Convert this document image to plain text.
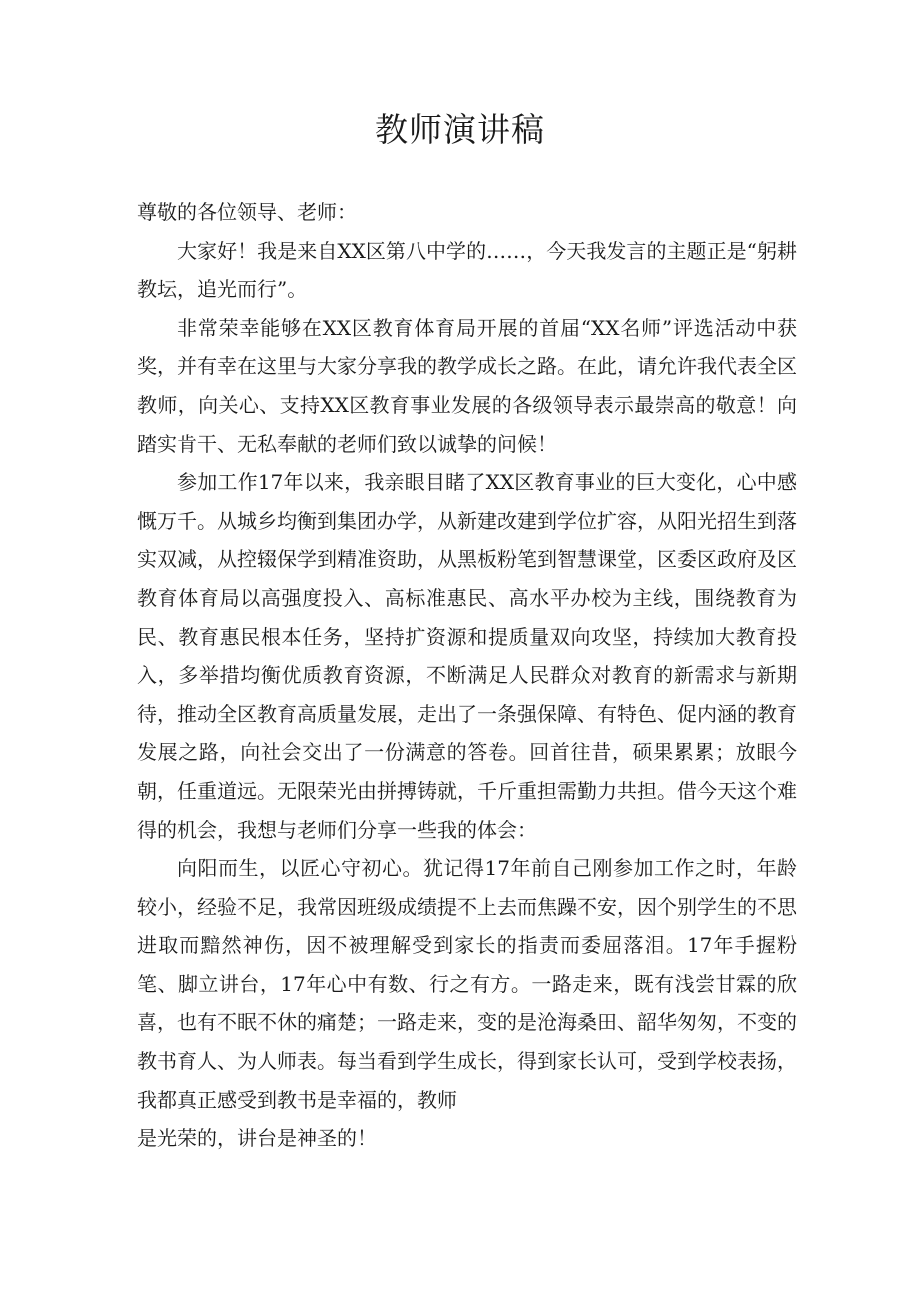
教师演讲稿

尊敬的各位领导、老师：

大家好！我是来自XX区第八中学的……，今天我发言的主题正是“躬耕教坛，追光而行”。

非常荣幸能够在XX区教育体育局开展的首届“XX名师”评选活动中获奖，并有幸在这里与大家分享我的教学成长之路。在此，请允许我代表全区教师，向关心、支持XX区教育事业发展的各级领导表示最崇高的敬意！向踏实肯干、无私奉献的老师们致以诚挚的问候！

参加工作17年以来，我亲眼目睹了XX区教育事业的巨大变化，心中感慨万千。从城乡均衡到集团办学，从新建改建到学位扩容，从阳光招生到落实双减，从控辍保学到精准资助，从黑板粉笔到智慧课堂，区委区政府及区教育体育局以高强度投入、高标准惠民、高水平办校为主线，围绕教育为民、教育惠民根本任务，坚持扩资源和提质量双向攻坚，持续加大教育投入，多举措均衡优质教育资源，不断满足人民群众对教育的新需求与新期待，推动全区教育高质量发展，走出了一条强保障、有特色、促内涵的教育发展之路，向社会交出了一份满意的答卷。回首往昔，硕果累累；放眼今朝，任重道远。无限荣光由拼搏铸就，千斤重担需勤力共担。借今天这个难得的机会，我想与老师们分享一些我的体会：

向阳而生，以匠心守初心。犹记得17年前自己刚参加工作之时，年龄较小，经验不足，我常因班级成绩提不上去而焦躁不安，因个别学生的不思进取而黯然神伤，因不被理解受到家长的指责而委屈落泪。17年手握粉笔、脚立讲台，17年心中有数、行之有方。一路走来，既有浅尝甘霖的欣喜，也有不眠不休的痛楚；一路走来，变的是沧海桑田、韶华匆匆，不变的教书育人、为人师表。每当看到学生成长，得到家长认可，受到学校表扬，我都真正感受到教书是幸福的，教师

是光荣的，讲台是神圣的！
